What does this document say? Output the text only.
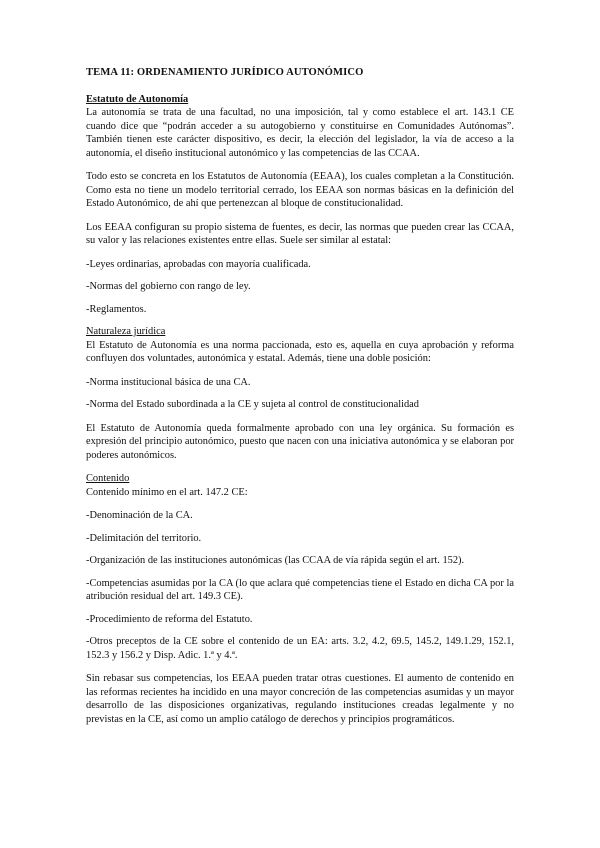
TEMA 11: ORDENAMIENTO JURÍDICO AUTONÓMICO
Estatuto de Autonomía

La autonomía se trata de una facultad, no una imposición, tal y como establece el art. 143.1 CE cuando dice que “podrán acceder a su autogobierno y constituirse en Comunidades Autónomas”. También tienen este carácter dispositivo, es decir, la elección del legislador, la vía de acceso a la autonomía, el diseño institucional autonómico y las competencias de las CCAA.

Todo esto se concreta en los Estatutos de Autonomía (EEAA), los cuales completan a la Constitución. Como esta no tiene un modelo territorial cerrado, los EEAA son normas básicas en la definición del Estado Autonómico, de ahí que pertenezcan al bloque de constitucionalidad.

Los EEAA configuran su propio sistema de fuentes, es decir, las normas que pueden crear las CCAA, su valor y las relaciones existentes entre ellas. Suele ser similar al estatal:

-Leyes ordinarias, aprobadas con mayoría cualificada.

-Normas del gobierno con rango de ley.

-Reglamentos.

Naturaleza jurídica

El Estatuto de Autonomía es una norma paccionada, esto es, aquella en cuya aprobación y reforma confluyen dos voluntades, autonómica y estatal. Además, tiene una doble posición:

-Norma institucional básica de una CA.

-Norma del Estado subordinada a la CE y sujeta al control de constitucionalidad

El Estatuto de Autonomía queda formalmente aprobado con una ley orgánica. Su formación es expresión del principio autonómico, puesto que nacen con una iniciativa autonómica y se elaboran por poderes autonómicos.

Contenido

Contenido mínimo en el art. 147.2 CE:

-Denominación de la CA.

-Delimitación del territorio.

-Organización de las instituciones autonómicas (las CCAA de vía rápida según el art. 152).

-Competencias asumidas por la CA (lo que aclara qué competencias tiene el Estado en dicha CA por la atribución residual del art. 149.3 CE).

-Procedimiento de reforma del Estatuto.

-Otros preceptos de la CE sobre el contenido de un EA: arts. 3.2, 4.2, 69.5, 145.2, 149.1.29, 152.1, 152.3 y 156.2 y Disp. Adic. 1.ª y 4.ª.

Sin rebasar sus competencias, los EEAA pueden tratar otras cuestiones. El aumento de contenido en las reformas recientes ha incidido en una mayor concreción de las competencias asumidas y un mayor desarrollo de las disposiciones organizativas, regulando instituciones creadas legalmente y no previstas en la CE, así como un amplio catálogo de derechos y principios programáticos.
